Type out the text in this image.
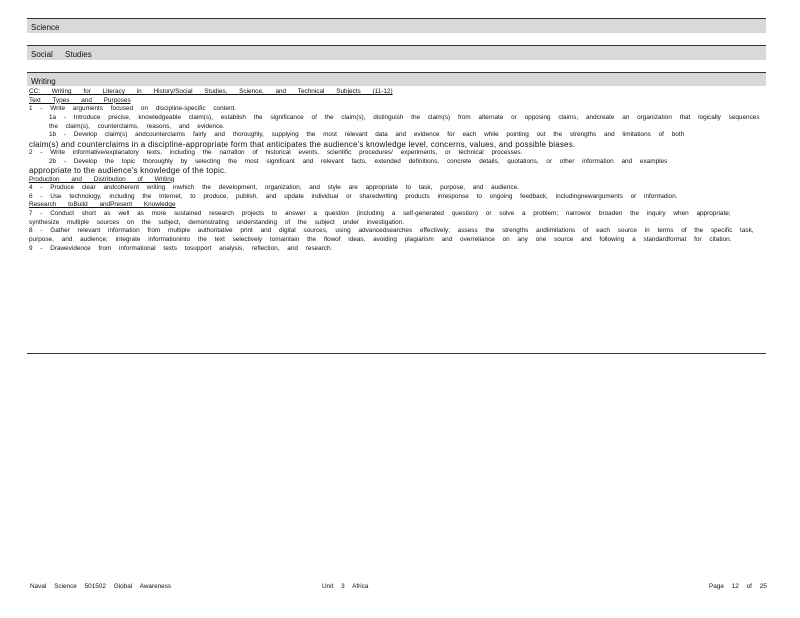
Science
Social Studies
Writing

CC: Writing for Literacy in History/Social Studies, Science, and Technical Subjects (11-12)

Text Types and Purposes

1 - Write arguments focused on discipline-specific content.

1a - Introduce precise, knowledgeable claim(s), establish the significance of the claim(s), distinguish the claim(s) from alternate or opposing claims, andcreate an organization that logically sequences the claim(s), counterclaims, reasons, and evidence.

1b - Develop claim(s) andcounterclaims fairly and thoroughly, supplying the most relevant data and evidence for each while pointing out the strengths and limitations of both

claim(s) and counterclaims in a discipline-appropriate form that anticipates the audience's knowledge level, concerns, values, and possible biases.

2 - Write informative/explanatory texts, including the narration of historical events, scientific procedures/ experiments, or technical processes.

2b - Develop the topic thoroughly by selecting the most significant and relevant facts, extended definitions, concrete details, quotations, or other information and examples

appropriate to the audience's knowledge of the topic.

Production and Distribution of Writing

4 - Produce clear andcoherent writing inwhich the development, organization, and style are appropriate to task, purpose, and audience.

6 - Use technology, including the Internet, to produce, publish, and update individual or sharedwriting products inresponse to ongoing feedback, includingnewarguments or information.

Research toBuild andPresent Knowledge

7 - Conduct short as well as more sustained research projects to answer a question (including a self-generated question) or solve a problem; narrowor broaden the inquiry when appropriate; synthesize multiple sources on the subject, demonstrating understanding of the subject under investigation.

8 - Gather relevant information from multiple authoritative print and digital sources, using advancedsearches effectively; assess the strengths andlimitations of each source in terms of the specific task, purpose, and audience; integrate informationinto the text selectively tomaintain the flowof ideas, avoiding plagiarism and overreliance on any one source and following a standardformat for citation.

9 - Drawevidence from informational texts tosupport analysis, reflection, and research.

Naval Science 501502 Global Awareness	Unit 3 Africa	Page 12 of 25
